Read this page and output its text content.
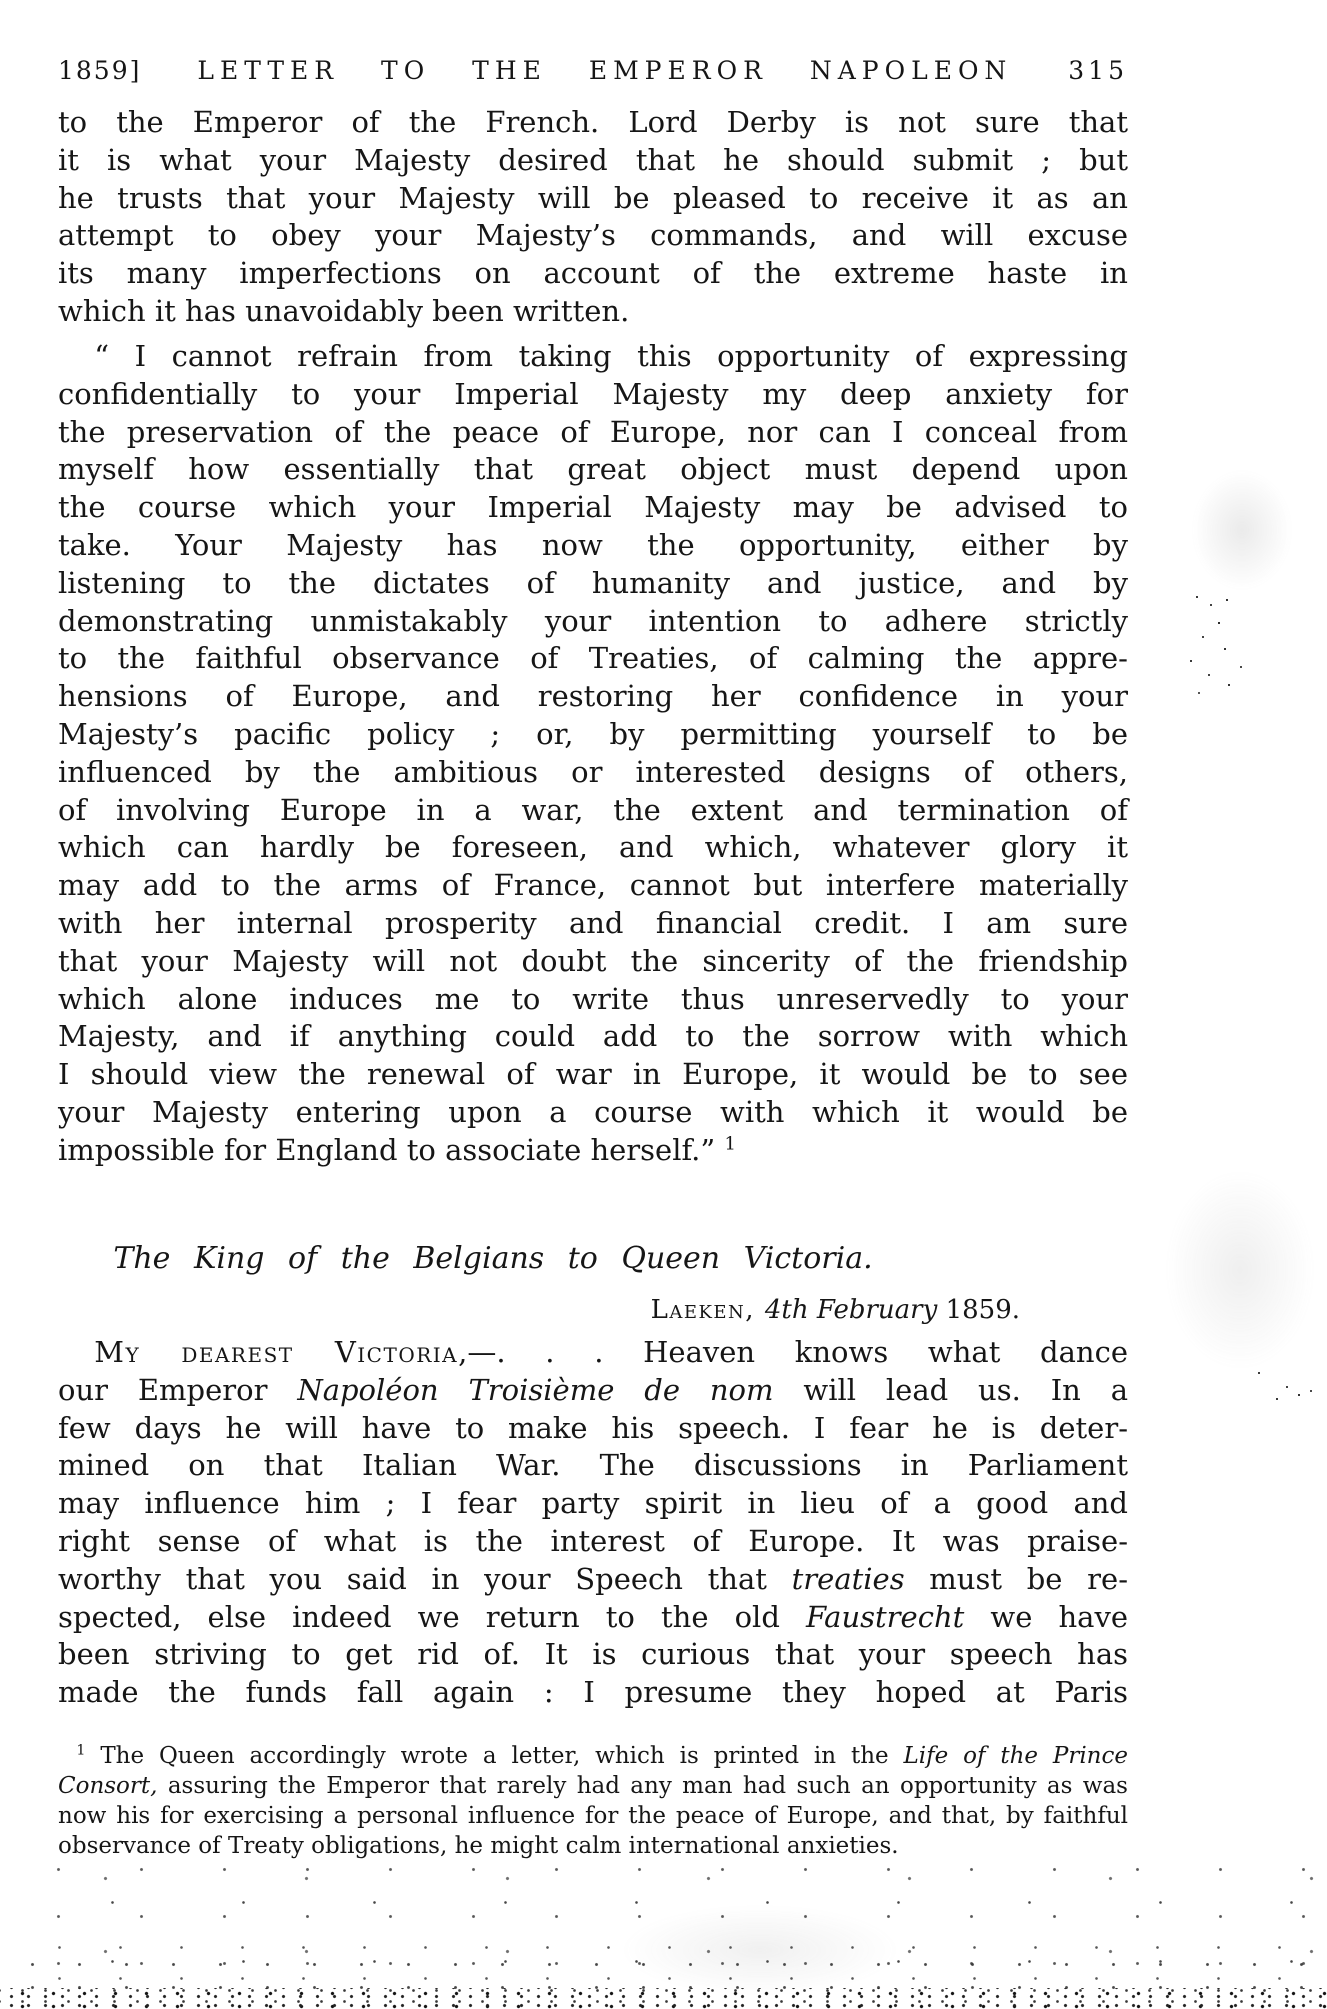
1859] LETTER TO THE EMPEROR NAPOLEON 315
to the Emperor of the French. Lord Derby is not sure that
it is what your Majesty desired that he should submit ; but
he trusts that your Majesty will be pleased to receive it as an
attempt to obey your Majesty’s commands, and will excuse
its many imperfections on account of the extreme haste in
which it has unavoidably been written.
“ I cannot refrain from taking this opportunity of expressing
confidentially to your Imperial Majesty my deep anxiety for
the preservation of the peace of Europe, nor can I conceal from
myself how essentially that great object must depend upon
the course which your Imperial Majesty may be advised to
take. Your Majesty has now the opportunity, either by
listening to the dictates of humanity and justice, and by
demonstrating unmistakably your intention to adhere strictly
to the faithful observance of Treaties, of calming the appre-
hensions of Europe, and restoring her confidence in your
Majesty’s pacific policy ; or, by permitting yourself to be
influenced by the ambitious or interested designs of others,
of involving Europe in a war, the extent and termination of
which can hardly be foreseen, and which, whatever glory it
may add to the arms of France, cannot but interfere materially
with her internal prosperity and financial credit. I am sure
that your Majesty will not doubt the sincerity of the friendship
which alone induces me to write thus unreservedly to your
Majesty, and if anything could add to the sorrow with which
I should view the renewal of war in Europe, it would be to see
your Majesty entering upon a course with which it would be
impossible for England to associate herself.” $^1$
The King of the Belgians to Queen Victoria.
Laeken, 4th February 1859.
My dearest Victoria,—. . . Heaven knows what dance
our Emperor Napoléon Troisième de nom will lead us. In a
few days he will have to make his speech. I fear he is deter-
mined on that Italian War. The discussions in Parliament
may influence him ; I fear party spirit in lieu of a good and
right sense of what is the interest of Europe. It was praise-
worthy that you said in your Speech that treaties must be re-
spected, else indeed we return to the old Faustrecht we have
been striving to get rid of. It is curious that your speech has
made the funds fall again : I presume they hoped at Paris
$^1$ The Queen accordingly wrote a letter, which is printed in the Life of the Prince
Consort, assuring the Emperor that rarely had any man had such an opportunity as was
now his for exercising a personal influence for the peace of Europe, and that, by faithful
observance of Treaty obligations, he might calm international anxieties.
